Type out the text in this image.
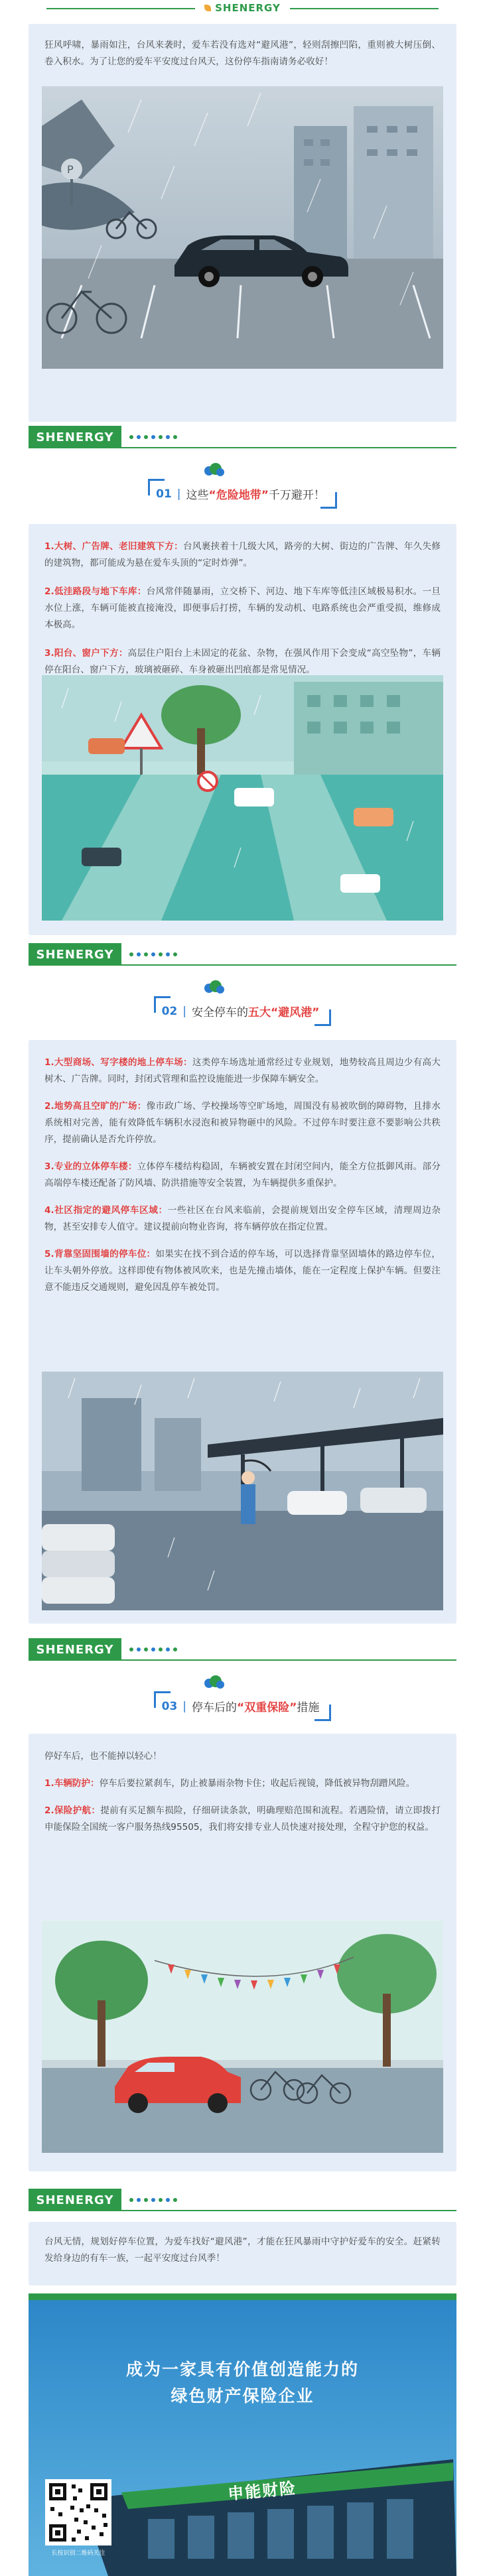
SHENERGY

狂风呼啸，暴雨如注，台风来袭时，爱车若没有选对“避风港”，轻则刮擦凹陷，重则被大树压倒、卷入积水。为了让您的爱车平安度过台风天，这份停车指南请务必收好！

P
SHENERGY
01 | 这些“危险地带”千万避开！

1.大树、广告牌、老旧建筑下方：台风裹挟着十几级大风，路旁的大树、街边的广告牌、年久失修的建筑物，都可能成为悬在爱车头顶的“定时炸弹”。

2.低洼路段与地下车库：台风常伴随暴雨，立交桥下、河边、地下车库等低洼区域极易积水。一旦水位上涨，车辆可能被直接淹没，即便事后打捞，车辆的发动机、电路系统也会严重受损，维修成本极高。

3.阳台、窗户下方：高层住户阳台上未固定的花盆、杂物，在强风作用下会变成“高空坠物”，车辆停在阳台、窗户下方，玻璃被砸碎、车身被砸出凹痕都是常见情况。

SHENERGY
02 | 安全停车的五大“避风港”

1.大型商场、写字楼的地上停车场：这类停车场选址通常经过专业规划，地势较高且周边少有高大树木、广告牌。同时，封闭式管理和监控设施能进一步保障车辆安全。

2.地势高且空旷的广场：像市政广场、学校操场等空旷场地，周围没有易被吹倒的障碍物，且排水系统相对完善，能有效降低车辆积水浸泡和被异物砸中的风险。不过停车时要注意不要影响公共秩序，提前确认是否允许停放。

3.专业的立体停车楼：立体停车楼结构稳固，车辆被安置在封闭空间内，能全方位抵御风雨。部分高端停车楼还配备了防风墙、防洪措施等安全装置，为车辆提供多重保护。

4.社区指定的避风停车区域：一些社区在台风来临前，会提前规划出安全停车区域，清理周边杂物，甚至安排专人值守。建议提前向物业咨询，将车辆停放在指定位置。

5.背靠坚固围墙的停车位：如果实在找不到合适的停车场，可以选择背靠坚固墙体的路边停车位，让车头朝外停放。这样即使有物体被风吹来，也是先撞击墙体，能在一定程度上保护车辆。但要注意不能违反交通规则，避免因乱停车被处罚。

SHENERGY
03 | 停车后的“双重保险”措施

停好车后，也不能掉以轻心！

1.车辆防护：停车后要拉紧刹车，防止被暴雨杂物卡住；收起后视镜，降低被异物刮蹭风险。

2.保险护航：提前有买足额车损险，仔细研读条款，明确理赔范围和流程。若遇险情，请立即拨打申能保险全国统一客户服务热线95505，我们将安排专业人员快速对接处理，全程守护您的权益。

SHENERGY

台风无情，规划好停车位置，为爱车找好“避风港”，才能在狂风暴雨中守护好爱车的安全。赶紧转发给身边的有车一族，一起平安度过台风季！

成为一家具有价值创造能力的
绿色财产保险企业
申能财险
长按识别二维码关注
